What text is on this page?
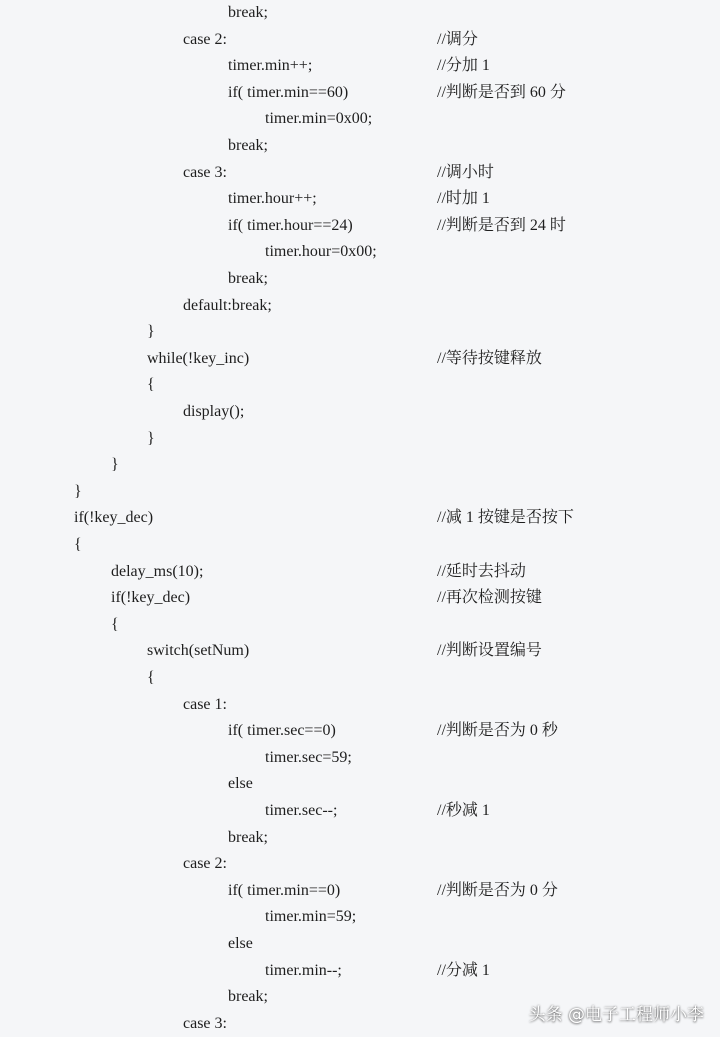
break;
case 2:	//调分
timer.min++;	//分加 1
if( timer.min==60)	//判断是否到 60 分
timer.min=0x00;
break;
case 3:	//调小时
timer.hour++;	//时加 1
if( timer.hour==24)	//判断是否到 24 时
timer.hour=0x00;
break;
default:break;
}
while(!key_inc)	//等待按键释放
{
display();
}
}
}
if(!key_dec)	//减 1 按键是否按下
{
delay_ms(10);	//延时去抖动
if(!key_dec)	//再次检测按键
{
switch(setNum)	//判断设置编号
{
case 1:
if( timer.sec==0)	//判断是否为 0 秒
timer.sec=59;
else
timer.sec--;	//秒减 1
break;
case 2:
if( timer.min==0)	//判断是否为 0 分
timer.min=59;
else
timer.min--;	//分减 1
break;
case 3:	头条 @电子工程师小李
